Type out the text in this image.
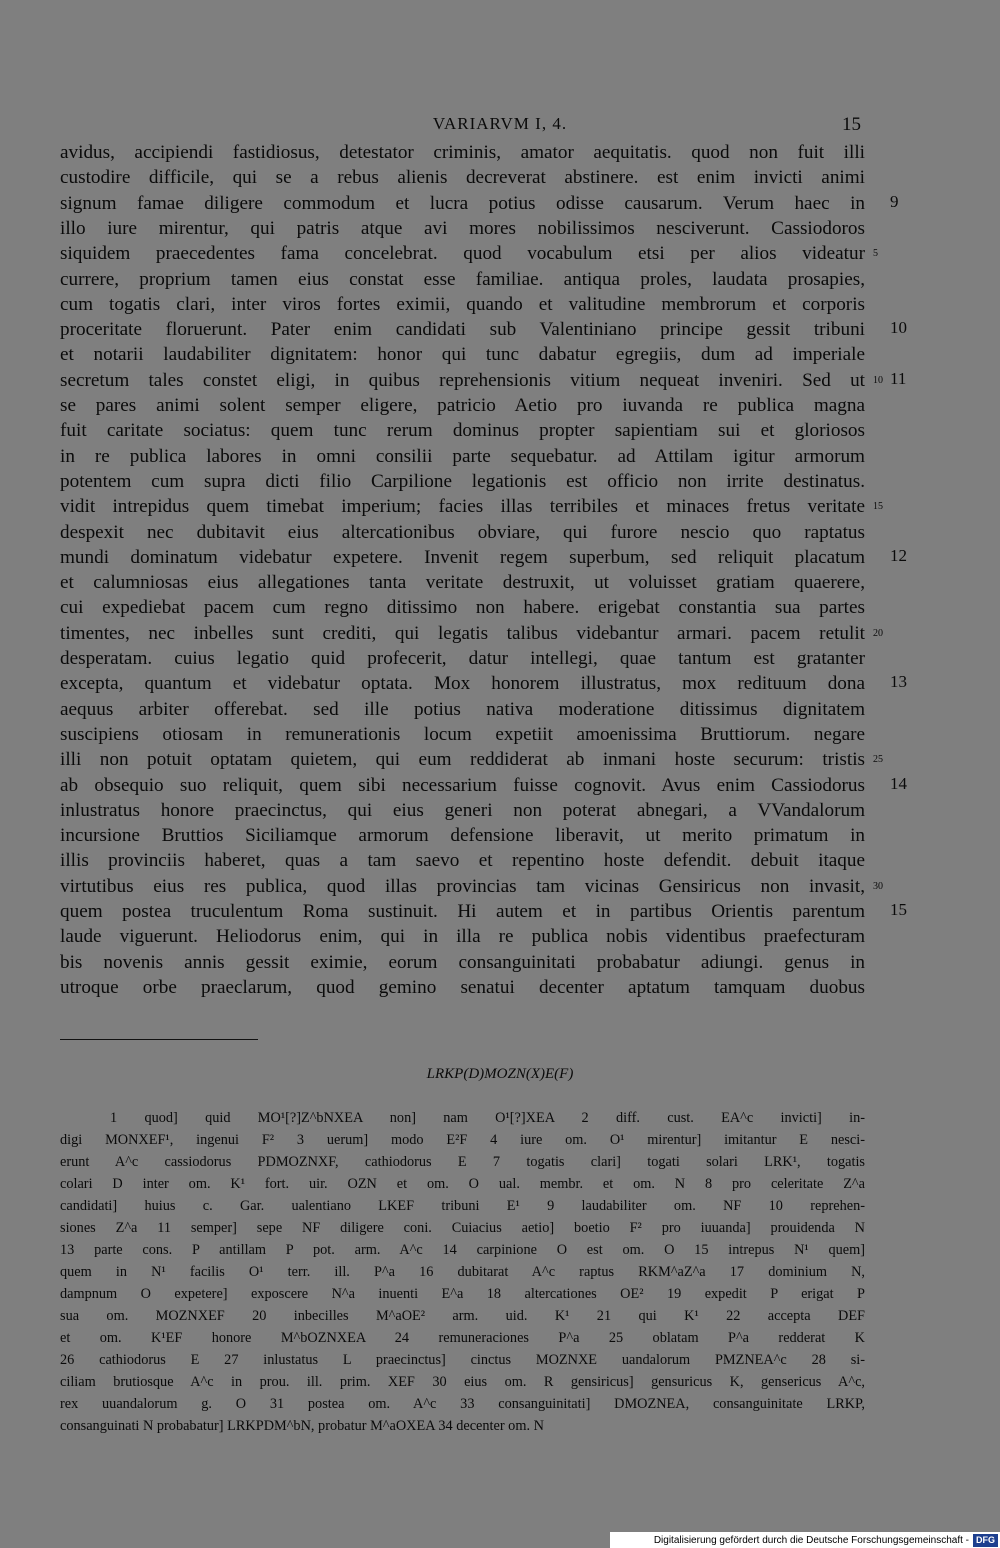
VARIARVM I, 4.	15
avidus, accipiendi fastidiosus, detestator criminis, amator aequitatis. quod non fuit illi
custodire difficile, qui se a rebus alienis decreverat abstinere. est enim invicti animi
signum famae diligere commodum et lucra potius odisse causarum. Verum haec in
illo iure mirentur, qui patris atque avi mores nobilissimos nesciverunt. Cassiodoros
siquidem praecedentes fama concelebrat. quod vocabulum etsi per alios videatur
currere, proprium tamen eius constat esse familiae. antiqua proles, laudata prosapies,
cum togatis clari, inter viros fortes eximii, quando et valitudine membrorum et corporis
proceritate floruerunt. Pater enim candidati sub Valentiniano principe gessit tribuni
et notarii laudabiliter dignitatem: honor qui tunc dabatur egregiis, dum ad imperiale
secretum tales constet eligi, in quibus reprehensionis vitium nequeat inveniri. Sed ut
se pares animi solent semper eligere, patricio Aetio pro iuvanda re publica magna
fuit caritate sociatus: quem tunc rerum dominus propter sapientiam sui et gloriosos
in re publica labores in omni consilii parte sequebatur. ad Attilam igitur armorum
potentem cum supra dicti filio Carpilione legationis est officio non irrite destinatus.
vidit intrepidus quem timebat imperium; facies illas terribiles et minaces fretus veritate
despexit nec dubitavit eius altercationibus obviare, qui furore nescio quo raptatus
mundi dominatum videbatur expetere. Invenit regem superbum, sed reliquit placatum
et calumniosas eius allegationes tanta veritate destruxit, ut voluisset gratiam quaerere,
cui expediebat pacem cum regno ditissimo non habere. erigebat constantia sua partes
timentes, nec inbelles sunt crediti, qui legatis talibus videbantur armari. pacem retulit
desperatam. cuius legatio quid profecerit, datur intellegi, quae tantum est gratanter
excepta, quantum et videbatur optata. Mox honorem illustratus, mox redituum dona
aequus arbiter offerebat. sed ille potius nativa moderatione ditissimus dignitatem
suscipiens otiosam in remunerationis locum expetiit amoenissima Bruttiorum. negare
illi non potuit optatam quietem, qui eum reddiderat ab inmani hoste securum: tristis
ab obsequio suo reliquit, quem sibi necessarium fuisse cognovit. Avus enim Cassiodorus
inlustratus honore praecinctus, qui eius generi non poterat abnegari, a VVandalorum
incursione Bruttios Siciliamque armorum defensione liberavit, ut merito primatum in
illis provinciis haberet, quas a tam saevo et repentino hoste defendit. debuit itaque
virtutibus eius res publica, quod illas provincias tam vicinas Gensiricus non invasit,
quem postea truculentum Roma sustinuit. Hi autem et in partibus Orientis parentum
laude viguerunt. Heliodorus enim, qui in illa re publica nobis videntibus praefecturam
bis novenis annis gessit eximie, eorum consanguinitati probabatur adiungi. genus in
utroque orbe praeclarum, quod gemino senatui decenter aptatum tamquam duobus
5
10
15
20
25
30
9
10
11
12
13
14
15
LRKP(D)MOZN(X)E(F)
1 quod] quid MO¹[?]Z^bNXEA non] nam O¹[?]XEA 2 diff. cust. EA^c invicti] in-
digi MONXEF¹, ingenui F² 3 uerum] modo E²F 4 iure om. O¹ mirentur] imitantur E nesci-
erunt A^c cassiodorus PDMOZNXF, cathiodorus E 7 togatis clari] togati solari LRK¹, togatis
colari D inter om. K¹ fort. uir. OZN et om. O ual. membr. et om. N 8 pro celeritate Z^a
candidati] huius c. Gar. ualentiano LKEF tribuni E¹ 9 laudabiliter om. NF 10 reprehen-
siones Z^a 11 semper] sepe NF diligere coni. Cuiacius aetio] boetio F² pro iuuanda] prouidenda N
13 parte cons. P antillam P pot. arm. A^c 14 carpinione O est om. O 15 intrepus N¹ quem]
quem in N¹ facilis O¹ terr. ill. P^a 16 dubitarat A^c raptus RKM^aZ^a 17 dominium N,
dampnum O expetere] exposcere N^a inuenti E^a 18 altercationes OE² 19 expedit P erigat P
sua om. MOZNXEF 20 inbecilles M^aOE² arm. uid. K¹ 21 qui K¹ 22 accepta DEF
et om. K¹EF honore M^bOZNXEA 24 remuneraciones P^a 25 oblatam P^a redderat K
26 cathiodorus E 27 inlustatus L praecinctus] cinctus MOZNXE uandalorum PMZNEA^c 28 si-
ciliam brutiosque A^c in prou. ill. prim. XEF 30 eius om. R gensiricus] gensuricus K, gensericus A^c,
rex uuandalorum g. O 31 postea om. A^c 33 consanguinitati] DMOZNEA, consanguinitate LRKP,
consanguinati N probabatur] LRKPDM^bN, probatur M^aOXEA 34 decenter om. N
Digitalisierung gefördert durch die Deutsche Forschungsgemeinschaft - DFG
